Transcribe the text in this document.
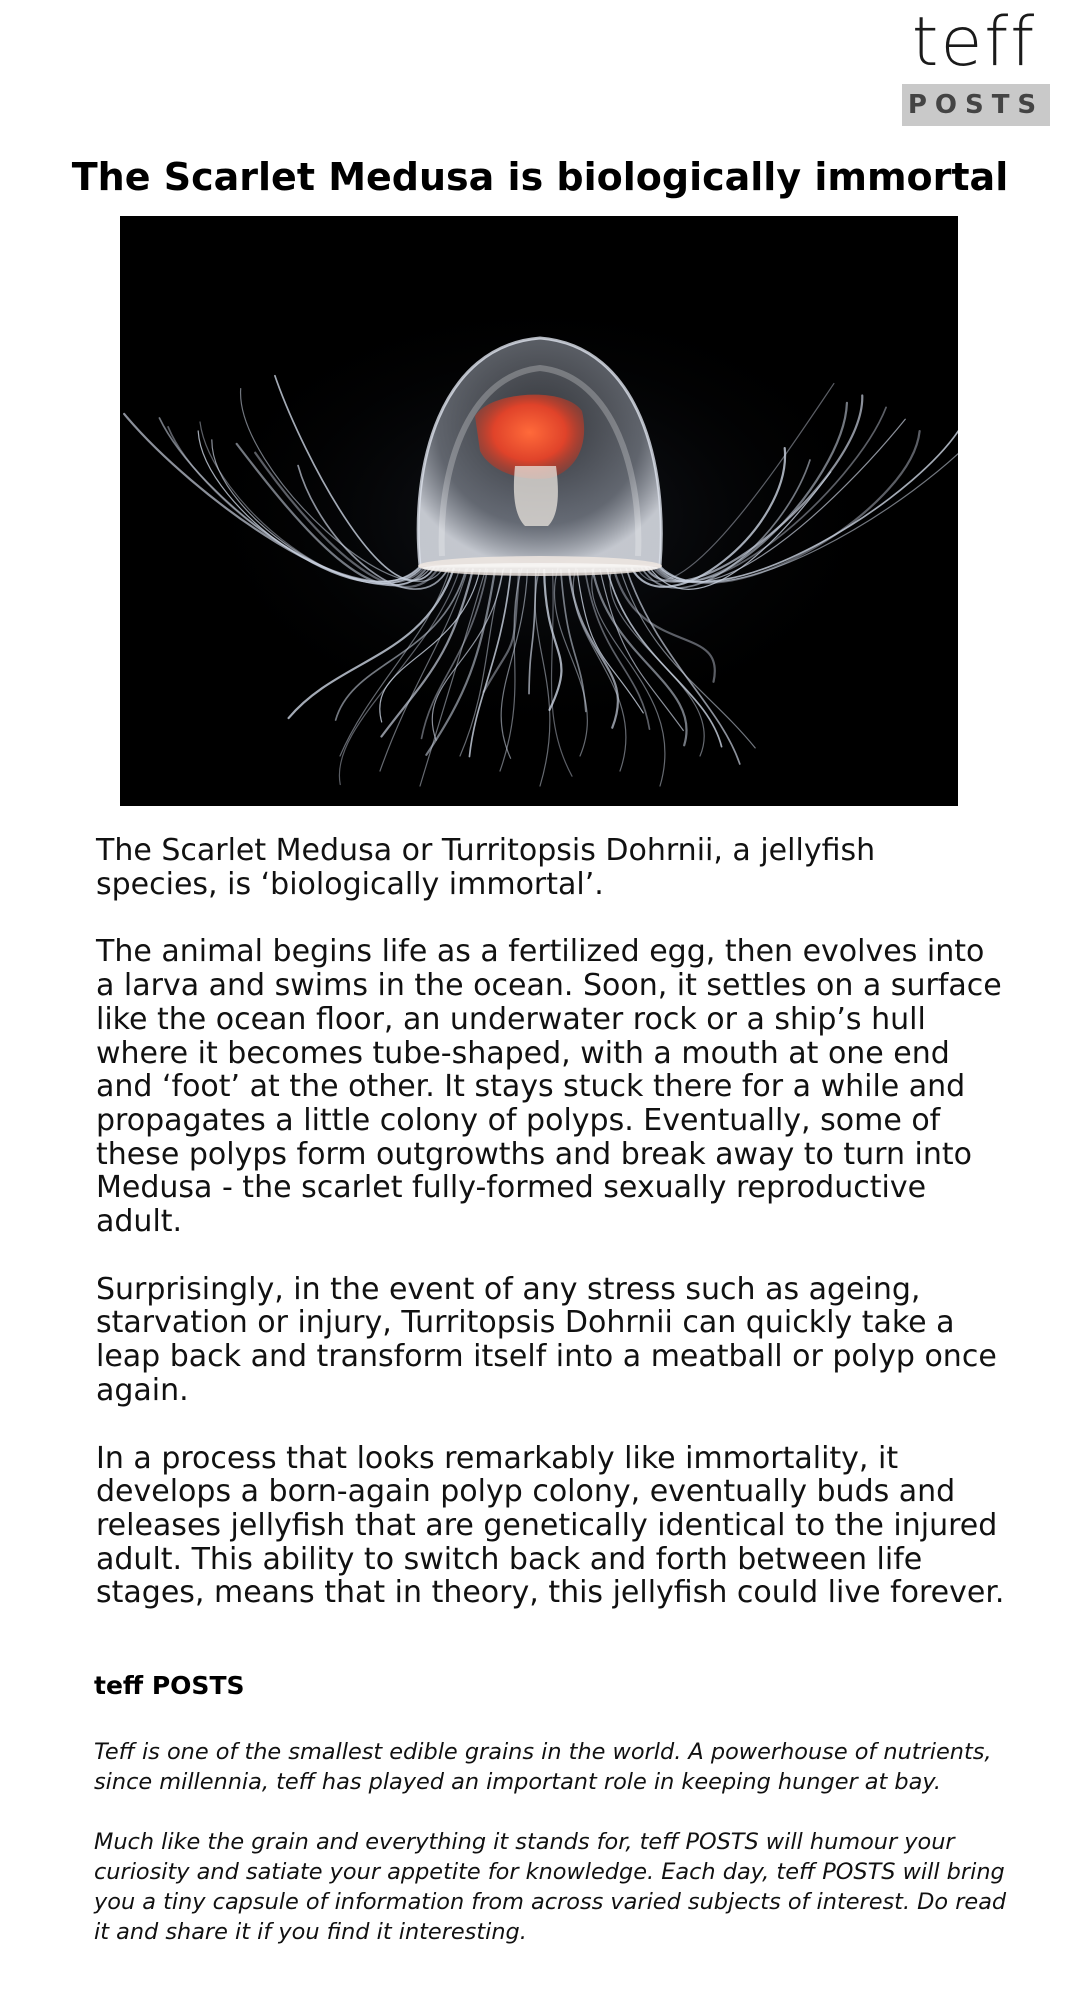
teff
POSTS
The Scarlet Medusa is biologically immortal

The Scarlet Medusa or Turritopsis Dohrnii, a jellyfish species, is ‘biologically immortal’.

The animal begins life as a fertilized egg, then evolves into a larva and swims in the ocean. Soon, it settles on a surface like the ocean floor, an underwater rock or a ship’s hull where it becomes tube-shaped, with a mouth at one end and ‘foot’ at the other. It stays stuck there for a while and propagates a little colony of polyps. Eventually, some of these polyps form outgrowths and break away to turn into Medusa - the scarlet fully-formed sexually reproductive adult.

Surprisingly, in the event of any stress such as ageing, starvation or injury, Turritopsis Dohrnii can quickly take a leap back and transform itself into a meatball or polyp once again.

In a process that looks remarkably like immortality, it develops a born-again polyp colony, eventually buds and releases jellyfish that are genetically identical to the injured adult. This ability to switch back and forth between life stages, means that in theory, this jellyfish could live forever.

teff POSTS

Teff is one of the smallest edible grains in the world. A powerhouse of nutrients, since millennia, teff has played an important role in keeping hunger at bay.

Much like the grain and everything it stands for, teff POSTS will humour your curiosity and satiate your appetite for knowledge. Each day, teff POSTS will bring you a tiny capsule of information from across varied subjects of interest. Do read it and share it if you find it interesting.
